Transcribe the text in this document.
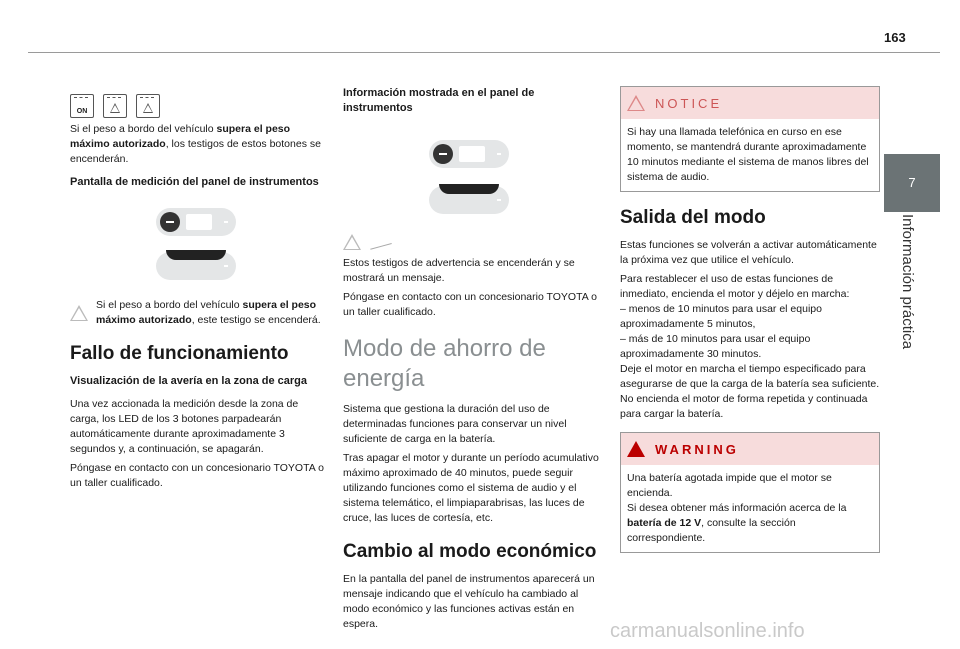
163
7
Información práctica
ON

Si el peso a bordo del vehículo supera el peso máximo autorizado, los testigos de estos botones se encenderán.

Pantalla de medición del panel de instrumentos

Si el peso a bordo del vehículo supera el peso máximo autorizado, este testigo se encenderá.

Fallo de funcionamiento
Visualización de la avería en la zona de carga

Una vez accionada la medición desde la zona de carga, los LED de los 3 botones parpadearán automáticamente durante aproximadamente 3 segundos y, a continuación, se apagarán.

Póngase en contacto con un concesionario TOYOTA o un taller cualificado.

Información mostrada en el panel de instrumentos

Estos testigos de advertencia se encenderán y se mostrará un mensaje.

Póngase en contacto con un concesionario TOYOTA o un taller cualificado.

Modo de ahorro de energía

Sistema que gestiona la duración del uso de determinadas funciones para conservar un nivel suficiente de carga en la batería.

Tras apagar el motor y durante un período acumulativo máximo aproximado de 40 minutos, puede seguir utilizando funciones como el sistema de audio y el sistema telemático, el limpiaparabrisas, las luces de cruce, las luces de cortesía, etc.

Cambio al modo económico

En la pantalla del panel de instrumentos aparecerá un mensaje indicando que el vehículo ha cambiado al modo económico y las funciones activas están en espera.

NOTICE
Si hay una llamada telefónica en curso en ese momento, se mantendrá durante aproximadamente 10 minutos mediante el sistema de manos libres del sistema de audio.
Salida del modo

Estas funciones se volverán a activar automáticamente la próxima vez que utilice el vehículo.

Para restablecer el uso de estas funciones de inmediato, encienda el motor y déjelo en marcha:

– menos de 10 minutos para usar el equipo aproximadamente 5 minutos,

– más de 10 minutos para usar el equipo aproximadamente 30 minutos.

Deje el motor en marcha el tiempo especificado para asegurarse de que la carga de la batería sea suficiente.

No encienda el motor de forma repetida y continuada para cargar la batería.

WARNING

Una batería agotada impide que el motor se encienda.

Si desea obtener más información acerca de la batería de 12 V, consulte la sección correspondiente.

carmanualsonline.info
